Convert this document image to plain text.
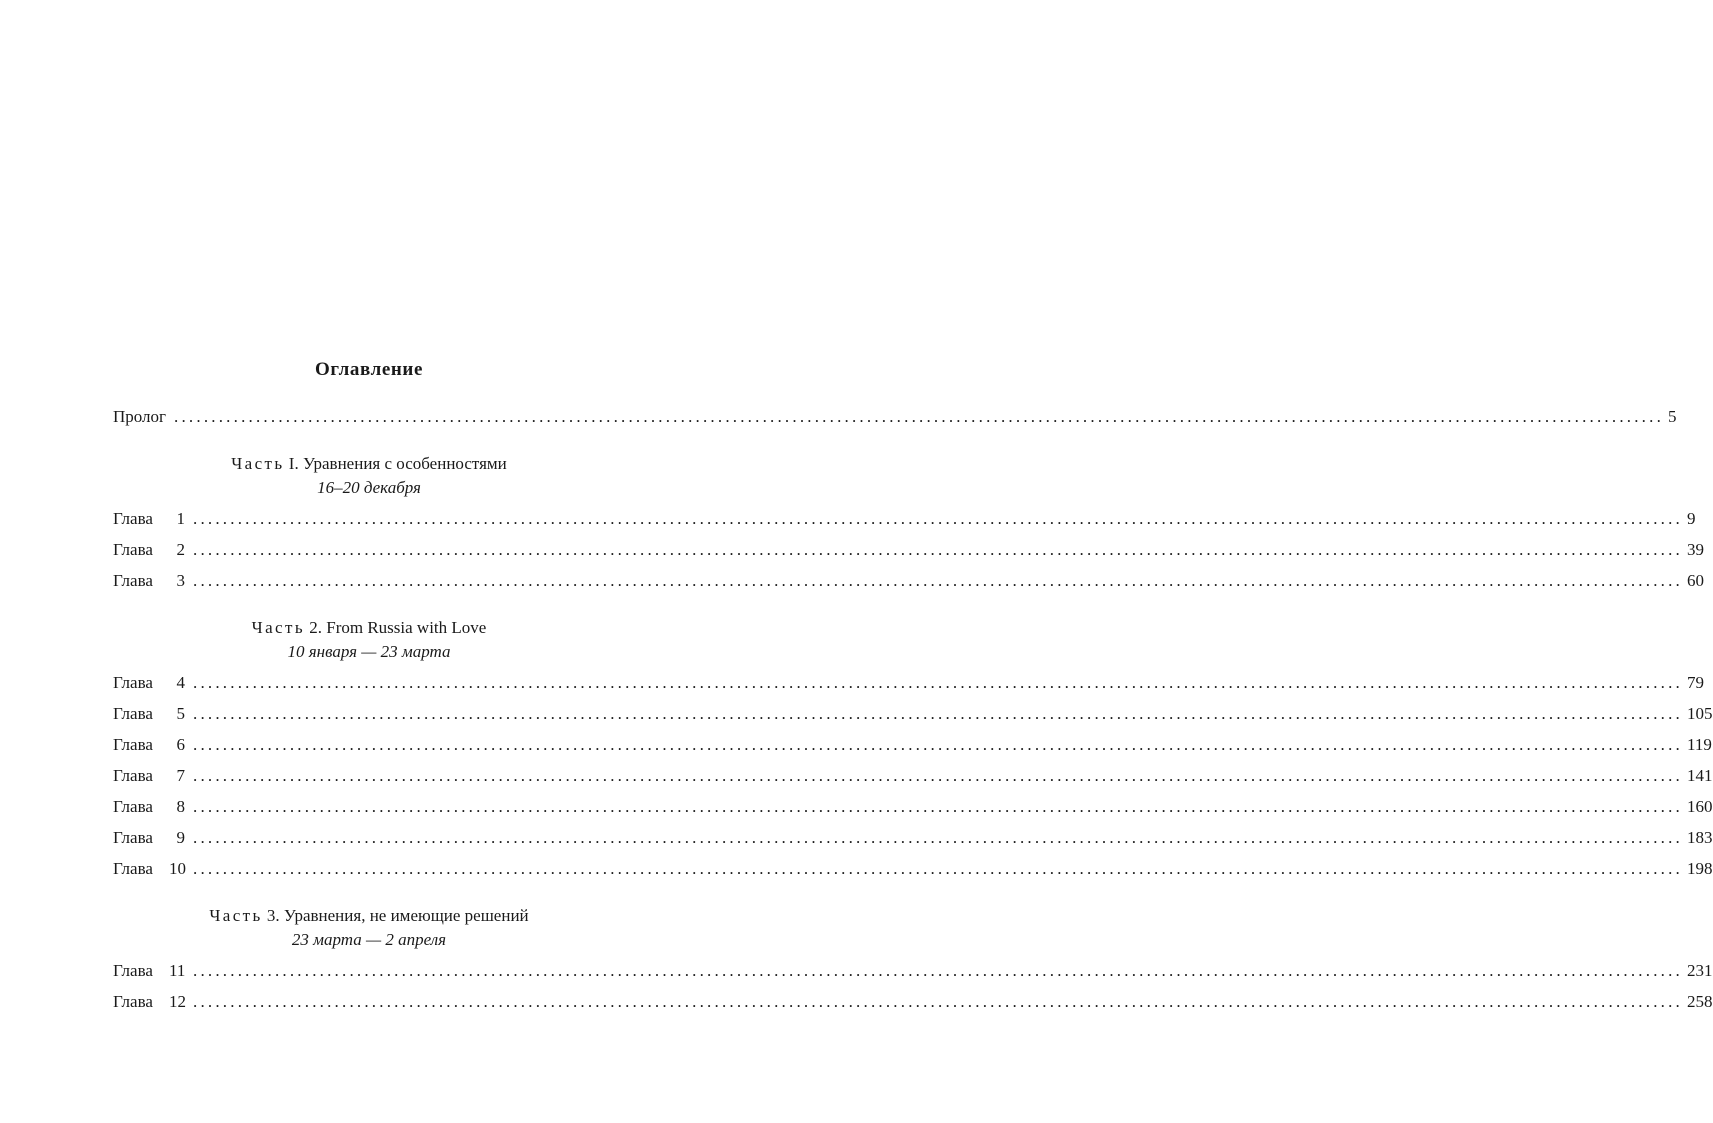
Оглавление
Пролог ........................................................................................................................................................................................................ 5
Часть I. Уравнения с особенностями
16–20 декабря
Глава 1 ........................................................................................................................................................................................................ 9
Глава 2 ........................................................................................................................................................................................................ 39
Глава 3 ........................................................................................................................................................................................................ 60
Часть 2. From Russia with Love
10 января — 23 марта
Глава 4 ........................................................................................................................................................................................................ 79
Глава 5 ........................................................................................................................................................................................................ 105
Глава 6 ........................................................................................................................................................................................................ 119
Глава 7 ........................................................................................................................................................................................................ 141
Глава 8 ........................................................................................................................................................................................................ 160
Глава 9 ........................................................................................................................................................................................................ 183
Глава 10 ........................................................................................................................................................................................................ 198
Часть 3. Уравнения, не имеющие решений
23 марта — 2 апреля
Глава 11 ........................................................................................................................................................................................................ 231
Глава 12 ........................................................................................................................................................................................................ 258
